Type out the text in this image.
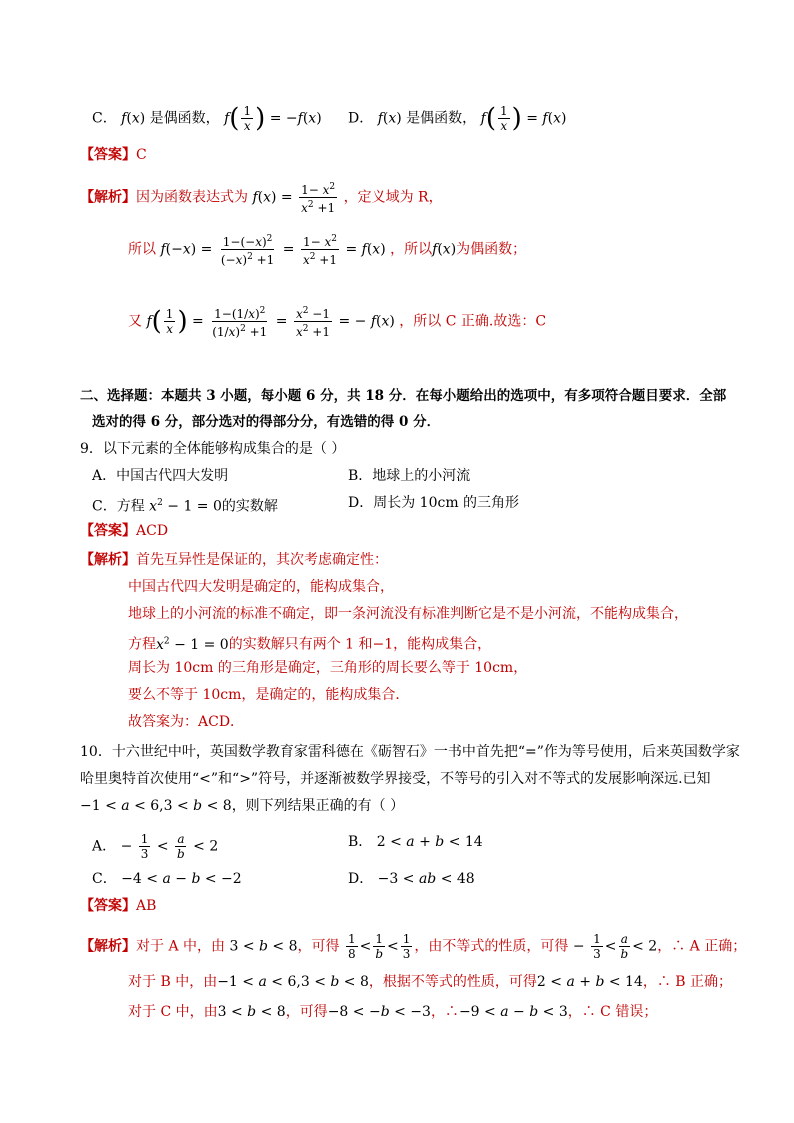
C． f(x) 是偶函数， $f( \frac{1}{x}$ ) = −f(x) D． f(x) 是偶函数， $f( \frac{1}{x}$ ) = f(x)
【答案】C
【解析】因为函数表达式为 $f(x) = \frac{1- x^2}{x^2 +1}$ ，定义域为 R，
所以 $f(-x) = \frac{1-(-x)^2}{(-x)^2 +1} = \frac{1- x^2}{x^2 +1} = f(x)$ ，所以f(x)为偶函数；
又 $f( \frac{1}{x}$ ) = $\frac{1-(1/x)^2}{(1/x)^2 +1} = \frac{x^2 -1}{x^2 +1}$ = − f(x) ，所以 C 正确.故选：C
二、选择题：本题共 3 小题，每小题 6 分，共 18 分．在每小题给出的选项中，有多项符合题目要求．全部
选对的得 6 分，部分选对的得部分分，有选错的得 0 分．
9．以下元素的全体能够构成集合的是（ ）
A．中国古代四大发明	B．地球上的小河流
C．方程 $x^2 - 1 = 0$的实数解	D．周长为 10cm 的三角形
【答案】ACD
【解析】首先互异性是保证的，其次考虑确定性：
中国古代四大发明是确定的，能构成集合，
地球上的小河流的标准不确定，即一条河流没有标准判断它是不是小河流，不能构成集合，
方程$x^2 - 1 = 0$的实数解只有两个 1 和−1，能构成集合，
周长为 10cm 的三角形是确定，三角形的周长要么等于 10cm，
要么不等于 10cm，是确定的，能构成集合．
故答案为：ACD．
10．十六世纪中叶，英国数学教育家雷科德在《砺智石》一书中首先把“=”作为等号使用，后来英国数学家
哈里奥特首次使用“<”和“>”符号，并逐渐被数学界接受，不等号的引入对不等式的发展影响深远.已知
−1 < a < 6,3 < b < 8，则下列结果正确的有（ ）
A． − $\frac{1}{3} < \frac{a}{b} < 2$	B． 2 < a + b < 14
C． −4 < a − b < −2	D． −3 < ab < 48
【答案】AB
【解析】对于 A 中，由 3 < b < 8，可得 $\frac{1}{8} < \frac{1}{b} < \frac{1}{3}$ ，由不等式的性质，可得 − $\frac{1}{3} < \frac{a}{b} < 2$，∴ A 正确；
对于 B 中，由−1 < a < 6,3 < b < 8，根据不等式的性质，可得2 < a + b < 14，∴ B 正确；
对于 C 中，由3 < b < 8，可得−8 < −b < −3，∴−9 < a − b < 3，∴ C 错误；
